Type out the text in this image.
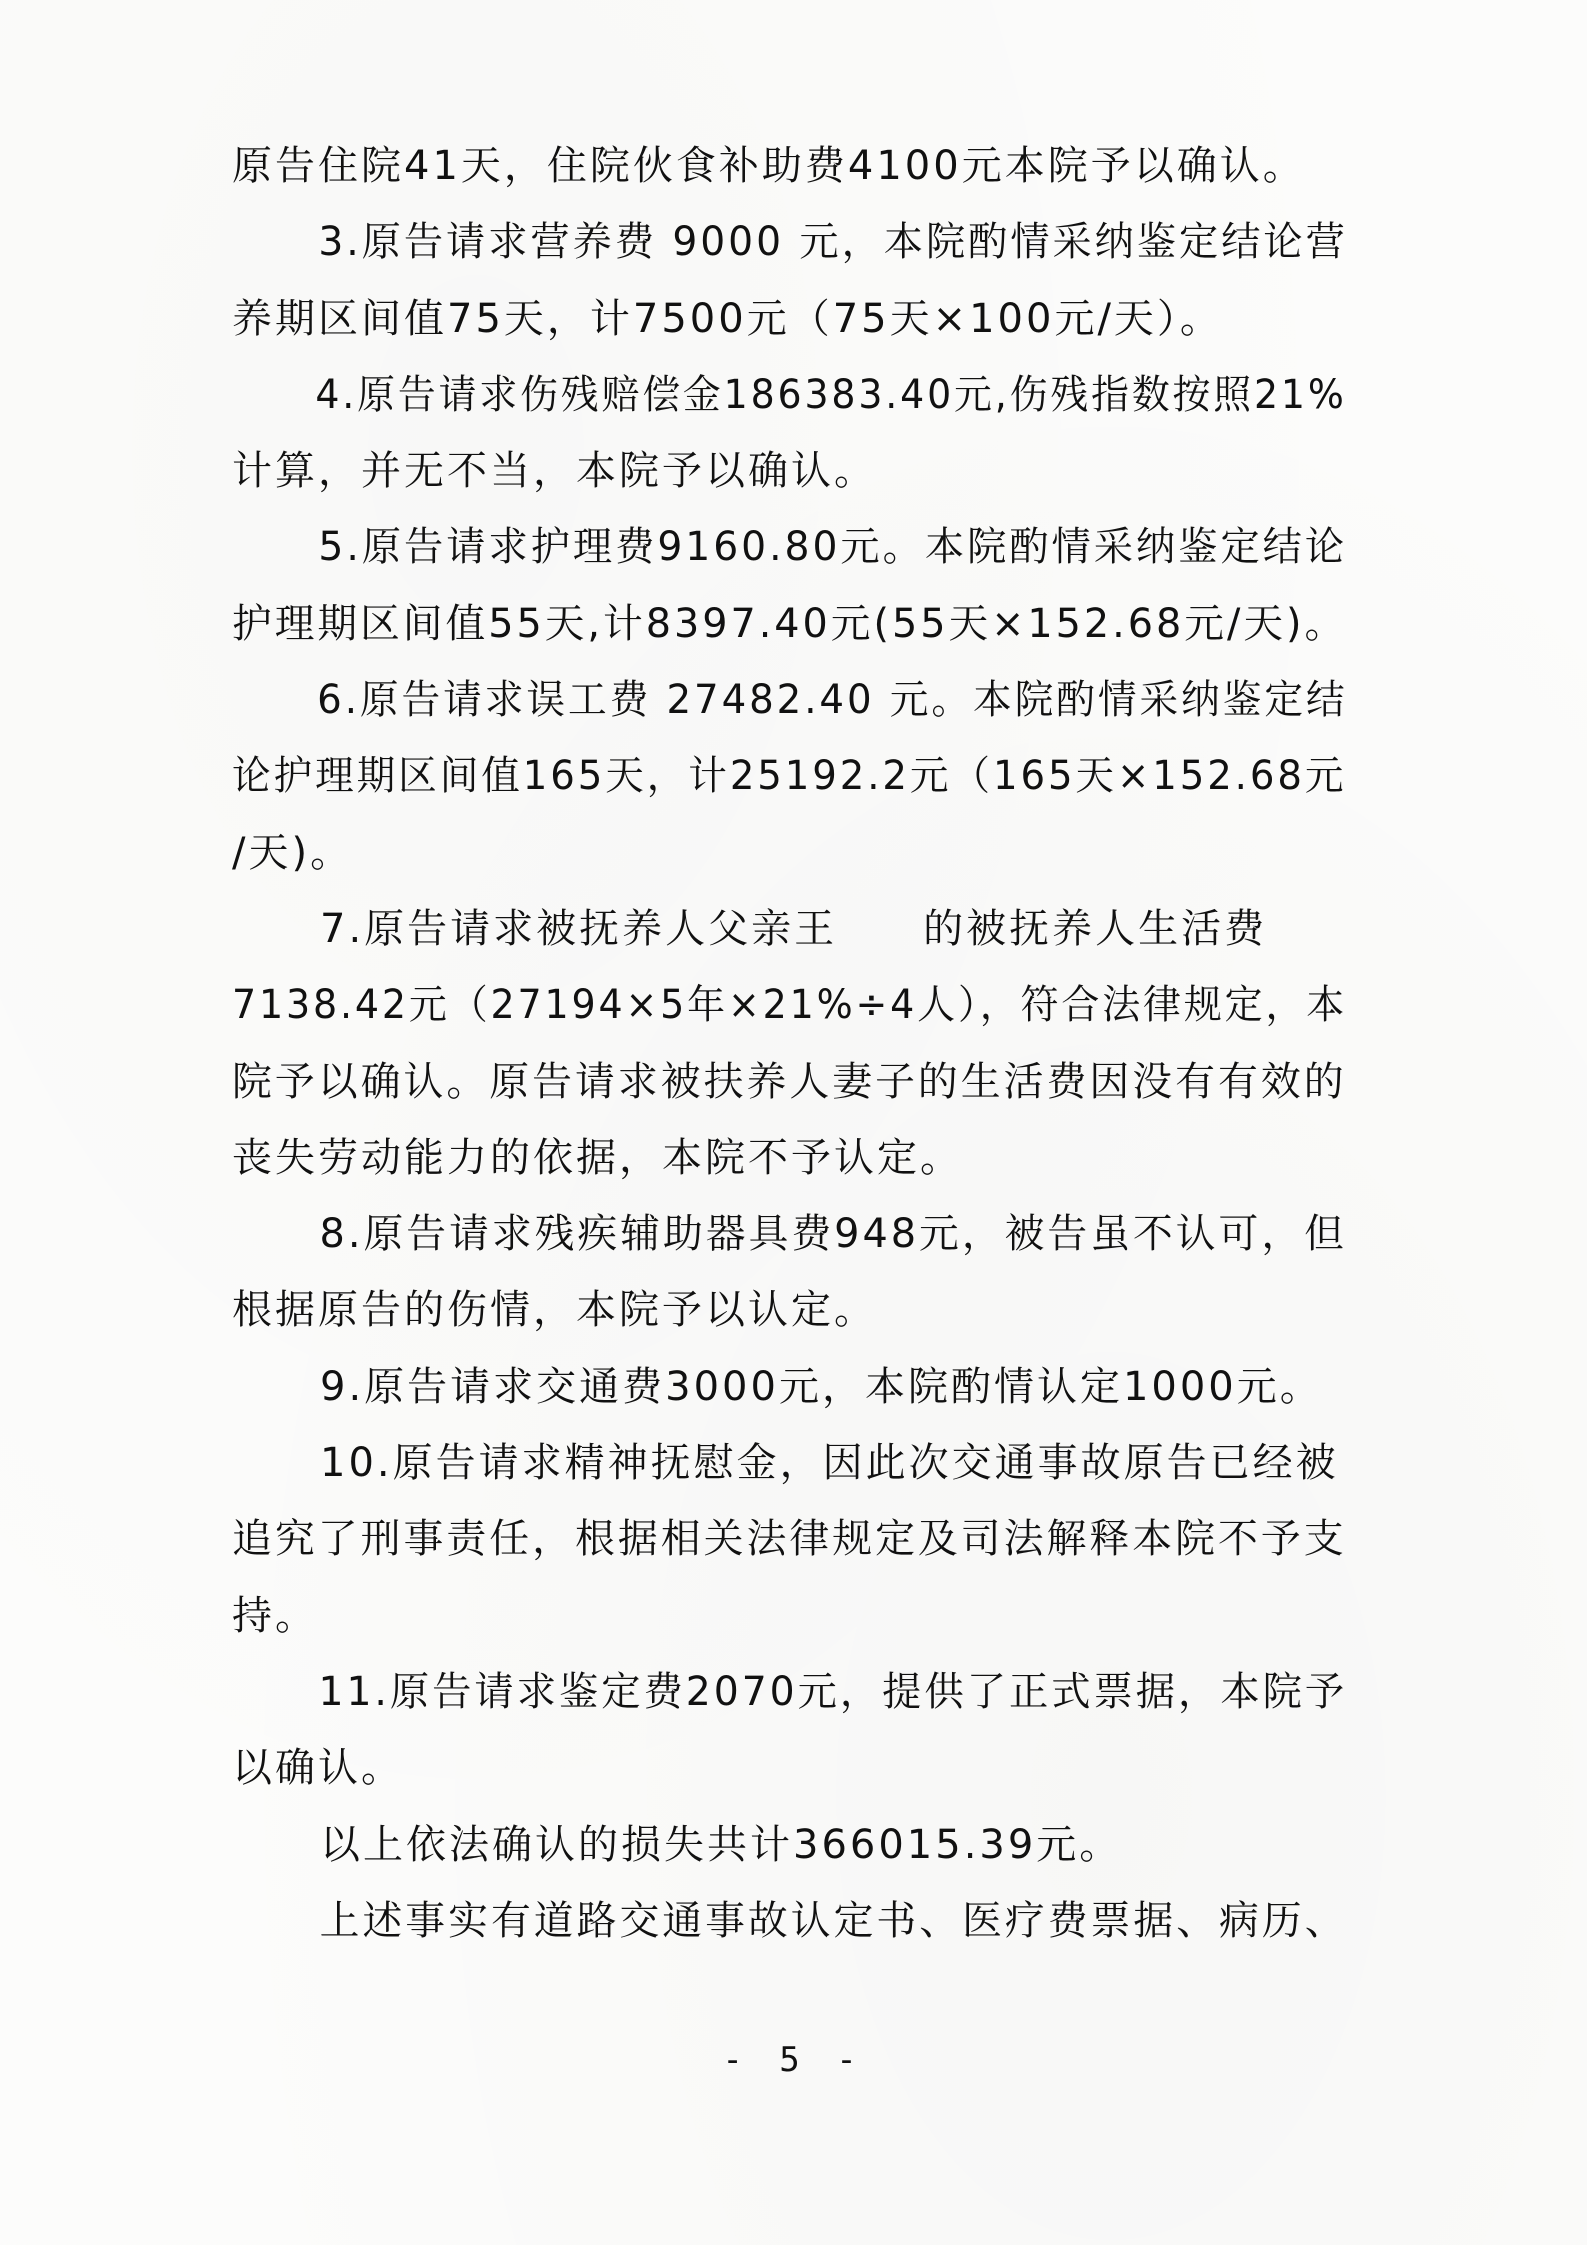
原告住院41天，住院伙食补助费4100元本院予以确认。
3.原告请求营养费 9000 元，本院酌情采纳鉴定结论营
养期区间值75天，计7500元（75天×100元/天）。
4.原告请求伤残赔偿金186383.40元,伤残指数按照21%
计算，并无不当，本院予以确认。
5.原告请求护理费9160.80元。本院酌情采纳鉴定结论
护理期区间值55天,计8397.40元(55天×152.68元/天)。
6.原告请求误工费 27482.40 元。本院酌情采纳鉴定结
论护理期区间值165天，计25192.2元（165天×152.68元
/天)。
7.原告请求被抚养人父亲王　　的被抚养人生活费
7138.42元（27194×5年×21%÷4人），符合法律规定，本
院予以确认。原告请求被扶养人妻子的生活费因没有有效的
丧失劳动能力的依据，本院不予认定。
8.原告请求残疾辅助器具费948元，被告虽不认可，但
根据原告的伤情，本院予以认定。
9.原告请求交通费3000元，本院酌情认定1000元。
10.原告请求精神抚慰金，因此次交通事故原告已经被
追究了刑事责任，根据相关法律规定及司法解释本院不予支
持。
11.原告请求鉴定费2070元，提供了正式票据，本院予
以确认。
以上依法确认的损失共计366015.39元。
上述事实有道路交通事故认定书、医疗费票据、病历、
- 5 -
